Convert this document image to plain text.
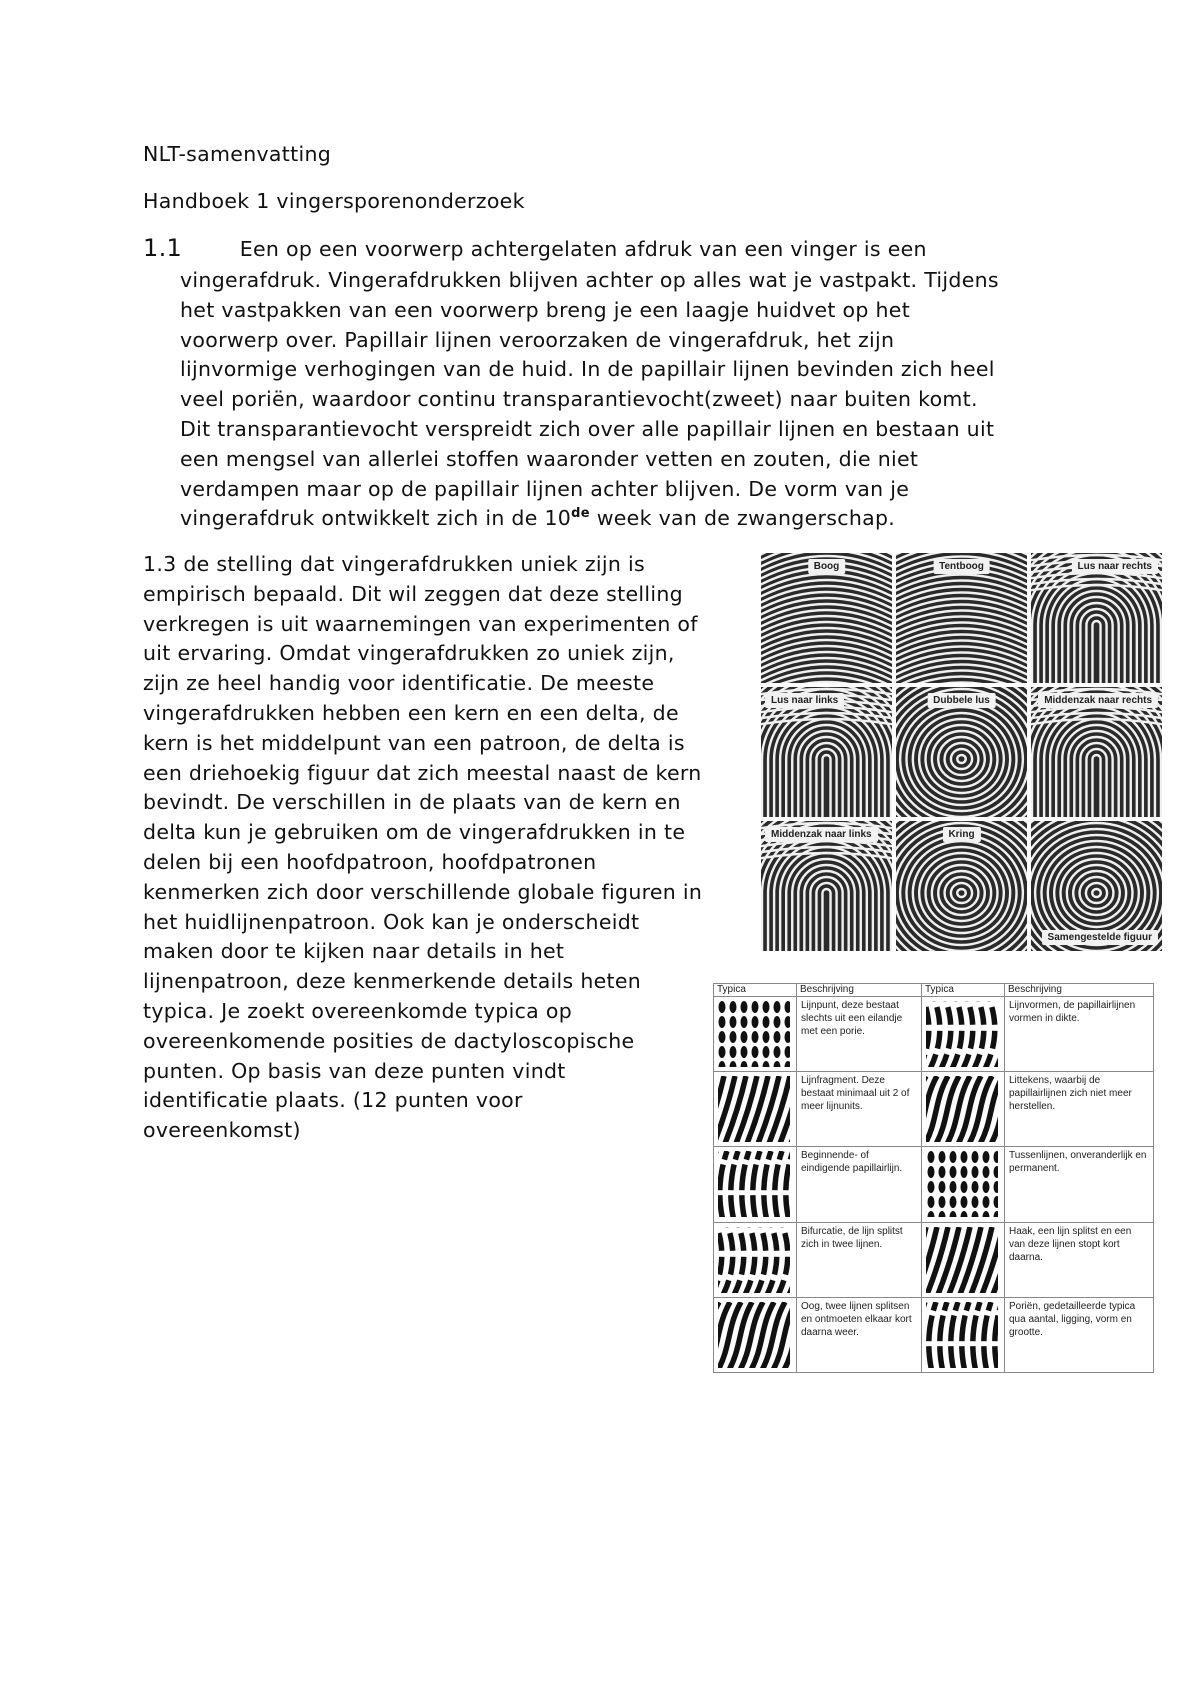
NLT-samenvatting
Handboek 1 vingersporenonderzoek
1.1	Een op een voorwerp achtergelaten afdruk van een vinger is een
vingerafdruk. Vingerafdrukken blijven achter op alles wat je vastpakt. Tijdens
het vastpakken van een voorwerp breng je een laagje huidvet op het
voorwerp over. Papillair lijnen veroorzaken de vingerafdruk, het zijn
lijnvormige verhogingen van de huid. In de papillair lijnen bevinden zich heel
veel poriën, waardoor continu transparantievocht(zweet) naar buiten komt.
Dit transparantievocht verspreidt zich over alle papillair lijnen en bestaan uit
een mengsel van allerlei stoffen waaronder vetten en zouten, die niet
verdampen maar op de papillair lijnen achter blijven. De vorm van je
vingerafdruk ontwikkelt zich in de 10de week van de zwangerschap.
1.3 de stelling dat vingerafdrukken uniek zijn is
empirisch bepaald. Dit wil zeggen dat deze stelling
verkregen is uit waarnemingen van experimenten of
uit ervaring. Omdat vingerafdrukken zo uniek zijn,
zijn ze heel handig voor identificatie. De meeste
vingerafdrukken hebben een kern en een delta, de
kern is het middelpunt van een patroon, de delta is
een driehoekig figuur dat zich meestal naast de kern
bevindt. De verschillen in de plaats van de kern en
delta kun je gebruiken om de vingerafdrukken in te
delen bij een hoofdpatroon, hoofdpatronen
kenmerken zich door verschillende globale figuren in
het huidlijnenpatroon. Ook kan je onderscheidt
maken door te kijken naar details in het
lijnenpatroon, deze kenmerkende details heten
typica. Je zoekt overeenkomde typica op
overeenkomende posities de dactyloscopische
punten. Op basis van deze punten vindt
identificatie plaats. (12 punten voor
overeenkomst)
Boog	Tentboog	Lus naar rechts
Lus naar links	Dubbele lus	Middenzak naar rechts
Middenzak naar links	Kring
Samengestelde figuur
Typica	Beschrijving	Typica	Beschrijving

	Lijnpunt, deze bestaat slechts uit een eilandje met een porie.		Lijnvormen, de papillairlijnen vormen in dikte.

	Lijnfragment. Deze bestaat minimaal uit 2 of meer lijnunits.		Littekens, waarbij de papillairlijnen zich niet meer herstellen.

	Beginnende- of eindigende papillairlijn.		Tussenlijnen, onveranderlijk en permanent.

	Bifurcatie, de lijn splitst zich in twee lijnen.		Haak, een lijn splitst en een van deze lijnen stopt kort daarna.

	Oog, twee lijnen splitsen en ontmoeten elkaar kort daarna weer.		Poriën, gedetailleerde typica qua aantal, ligging, vorm en grootte.
